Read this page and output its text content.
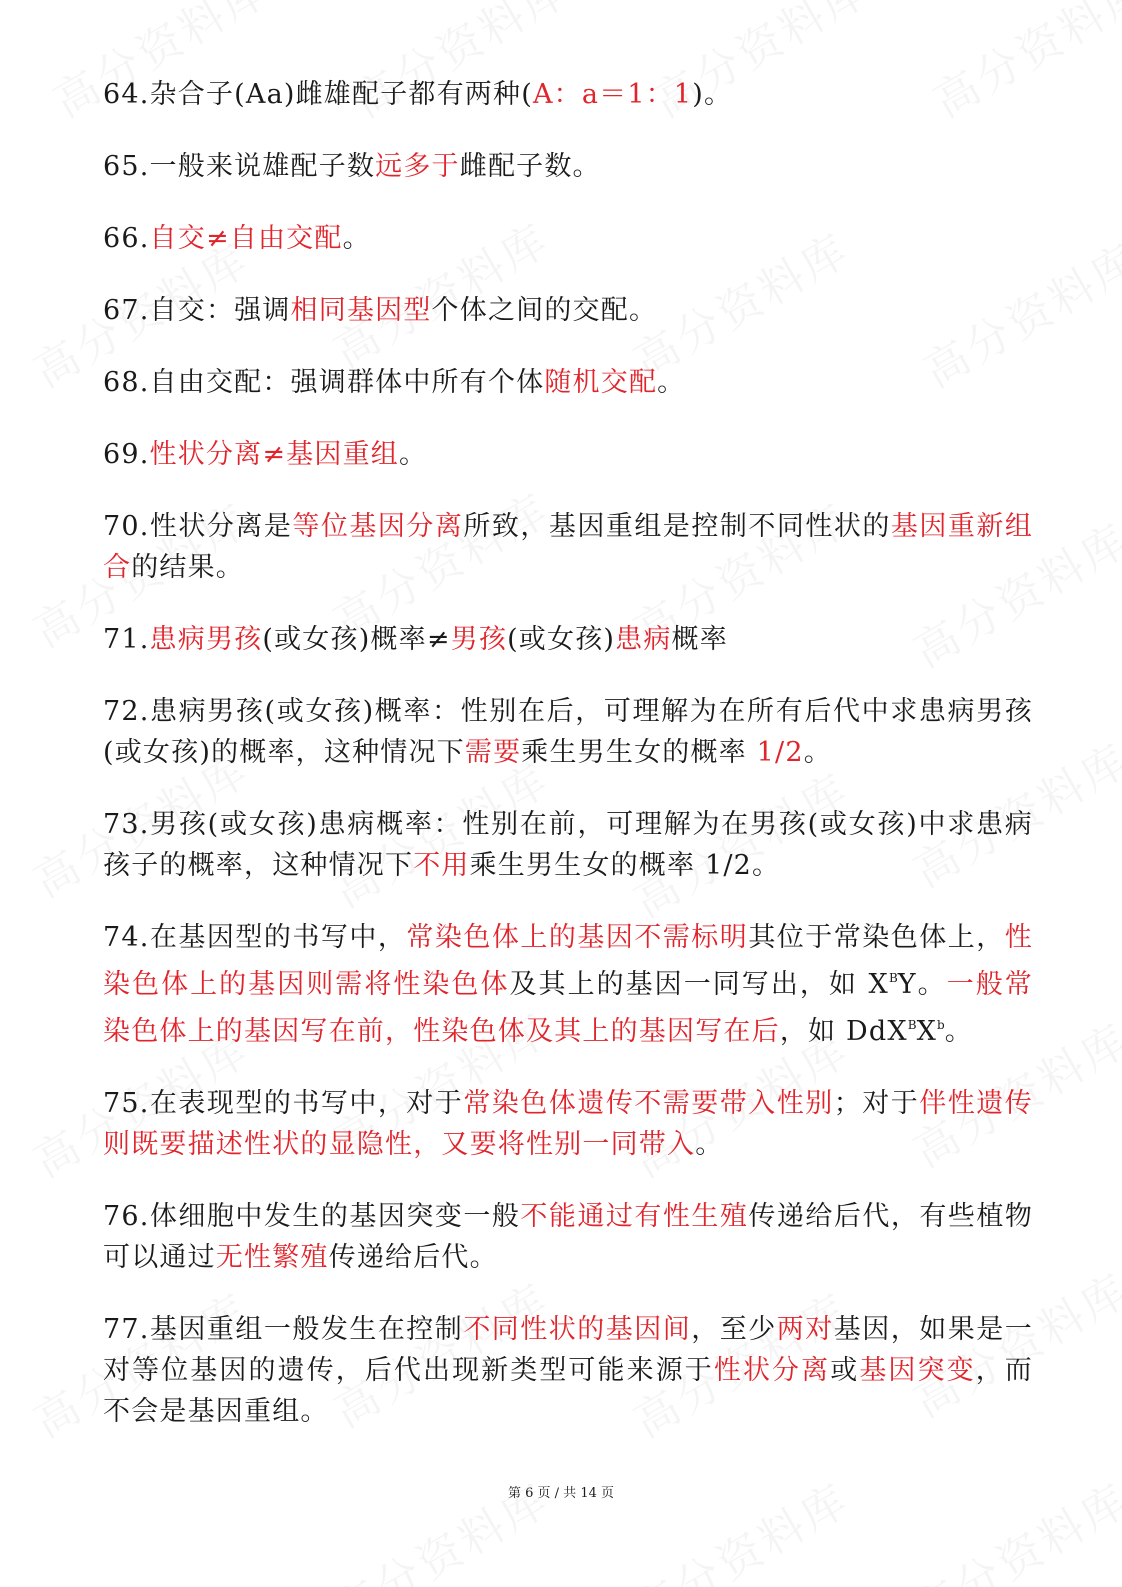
64.杂合子(Aa)雌雄配子都有两种(A：a＝1：1)。
65.一般来说雄配子数远多于雌配子数。
66.自交≠自由交配。
67.自交：强调相同基因型个体之间的交配。
68.自由交配：强调群体中所有个体随机交配。
69.性状分离≠基因重组。
70.性状分离是等位基因分离所致，基因重组是控制不同性状的基因重新组合的结果。
71.患病男孩(或女孩)概率≠男孩(或女孩)患病概率
72.患病男孩(或女孩)概率：性别在后，可理解为在所有后代中求患病男孩(或女孩)的概率，这种情况下需要乘生男生女的概率 1/2。
73.男孩(或女孩)患病概率：性别在前，可理解为在男孩(或女孩)中求患病孩子的概率，这种情况下不用乘生男生女的概率 1/2。
74.在基因型的书写中，常染色体上的基因不需标明其位于常染色体上，性染色体上的基因则需将性染色体及其上的基因一同写出，如 $X^BY$。一般常染色体上的基因写在前，性染色体及其上的基因写在后，如 $DdX^BX^b$。
75.在表现型的书写中，对于常染色体遗传不需要带入性别；对于伴性遗传则既要描述性状的显隐性，又要将性别一同带入。
76.体细胞中发生的基因突变一般不能通过有性生殖传递给后代，有些植物可以通过无性繁殖传递给后代。
77.基因重组一般发生在控制不同性状的基因间，至少两对基因，如果是一对等位基因的遗传，后代出现新类型可能来源于性状分离或基因突变，而不会是基因重组。
第 6 页 / 共 14 页
